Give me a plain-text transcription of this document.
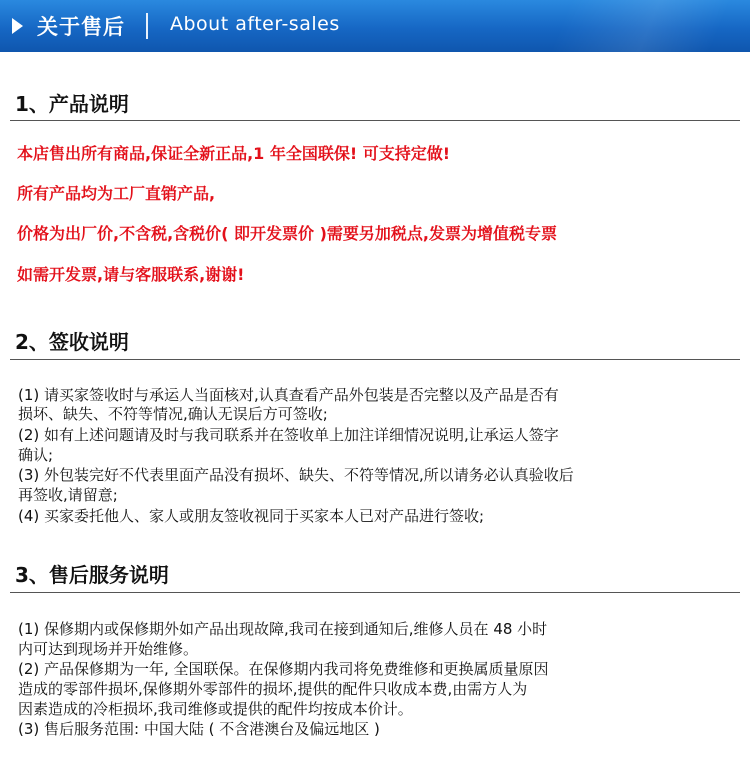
关于售后 About after-sales
1、产品说明
本店售出所有商品,保证全新正品,1 年全国联保! 可支持定做!
所有产品均为工厂直销产品,
价格为出厂价,不含税,含税价( 即开发票价 )需要另加税点,发票为增值税专票
如需开发票,请与客服联系,谢谢!
2、签收说明
(1) 请买家签收时与承运人当面核对,认真查看产品外包装是否完整以及产品是否有
损坏、缺失、不符等情况,确认无误后方可签收;
(2) 如有上述问题请及时与我司联系并在签收单上加注详细情况说明,让承运人签字
确认;
(3) 外包装完好不代表里面产品没有损坏、缺失、不符等情况,所以请务必认真验收后
再签收,请留意;
(4) 买家委托他人、家人或朋友签收视同于买家本人已对产品进行签收;
3、售后服务说明
(1) 保修期内或保修期外如产品出现故障,我司在接到通知后,维修人员在 48 小时
内可达到现场并开始维修。
(2) 产品保修期为一年, 全国联保。在保修期内我司将免费维修和更换属质量原因
造成的零部件损坏,保修期外零部件的损坏,提供的配件只收成本费,由需方人为
因素造成的冷柜损坏,我司维修或提供的配件均按成本价计。
(3) 售后服务范围: 中国大陆 ( 不含港澳台及偏远地区 )
